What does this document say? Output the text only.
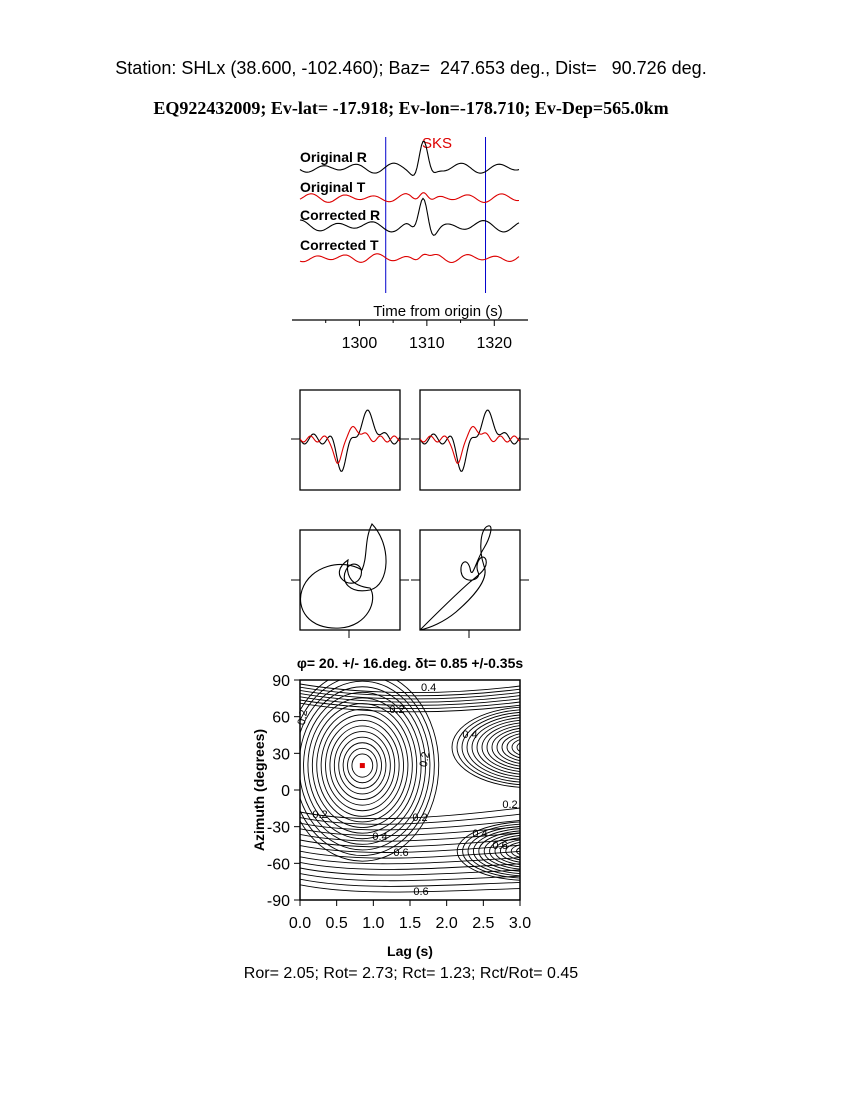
Station: SHLx (38.600, -102.460); Baz=  247.653 deg., Dist=   90.726 deg.
EQ922432009; Ev-lat= -17.918; Ev-lon=-178.710; Ev-Dep=565.0km
SKS
Original R
Original T
Corrected R
Corrected T
Time from origin (s)
1300 1310 1320
φ= 20. +/- 16.deg. δt= 0.85 +/-0.35s
0.0 0.5 1.0 1.5 2.0 2.5 3.0
90
60
30
0
-30
-60
-90
Lag (s)
Azimuth (degrees)
0.4
0.2
0.4
0.2
0.2
0.2	0.2
0.4	0.4
0.6
0.6
0.6
0.2
Ror= 2.05; Rot= 2.73; Rct= 1.23; Rct/Rot= 0.45
